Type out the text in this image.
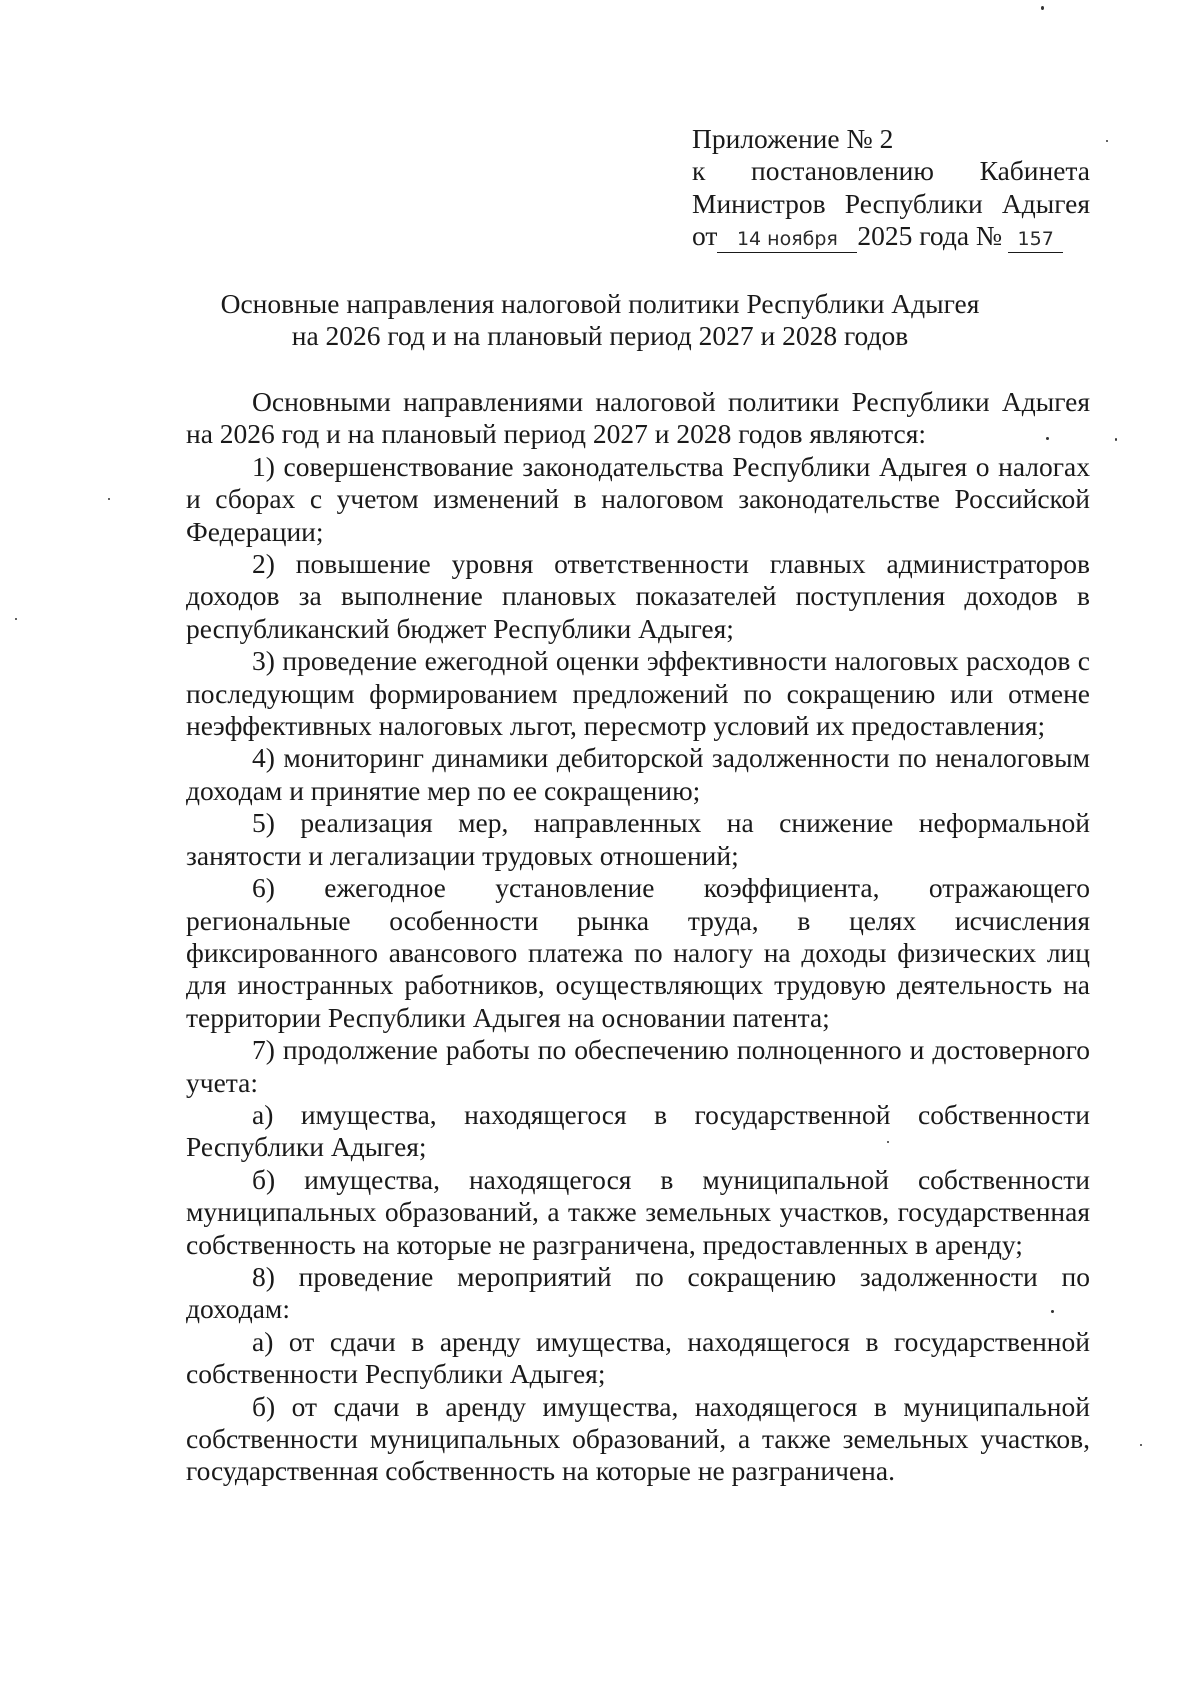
Приложение № 2
к постановлению Кабинета
Министров Республики Адыгея
от	14 ноября 2025 года № 157
Основные направления налоговой политики Республики Адыгея
на 2026 год и на плановый период 2027 и 2028 годов

Основными направлениями налоговой политики Республики Адыгея на 2026 год и на плановый период 2027 и 2028 годов являются:

1) совершенствование законодательства Республики Адыгея о налогах и сборах с учетом изменений в налоговом законодательстве Российской Федерации;

2) повышение уровня ответственности главных администраторов доходов за выполнение плановых показателей поступления доходов в республиканский бюджет Республики Адыгея;

3) проведение ежегодной оценки эффективности налоговых расходов с последующим формированием предложений по сокращению или отмене неэффективных налоговых льгот, пересмотр условий их предоставления;

4) мониторинг динамики дебиторской задолженности по неналоговым доходам и принятие мер по ее сокращению;

5) реализация мер, направленных на снижение неформальной занятости и легализации трудовых отношений;

6) ежегодное установление коэффициента, отражающего региональные особенности рынка труда, в целях исчисления фиксированного авансового платежа по налогу на доходы физических лиц для иностранных работников, осуществляющих трудовую деятельность на территории Республики Адыгея на основании патента;

7) продолжение работы по обеспечению полноценного и достоверного учета:

а) имущества, находящегося в государственной собственности Республики Адыгея;

б) имущества, находящегося в муниципальной собственности муниципальных образований, а также земельных участков, государственная собственность на которые не разграничена, предоставленных в аренду;

8) проведение мероприятий по сокращению задолженности по доходам:

а) от сдачи в аренду имущества, находящегося в государственной собственности Республики Адыгея;

б) от сдачи в аренду имущества, находящегося в муниципальной собственности муниципальных образований, а также земельных участков, государственная собственность на которые не разграничена.
